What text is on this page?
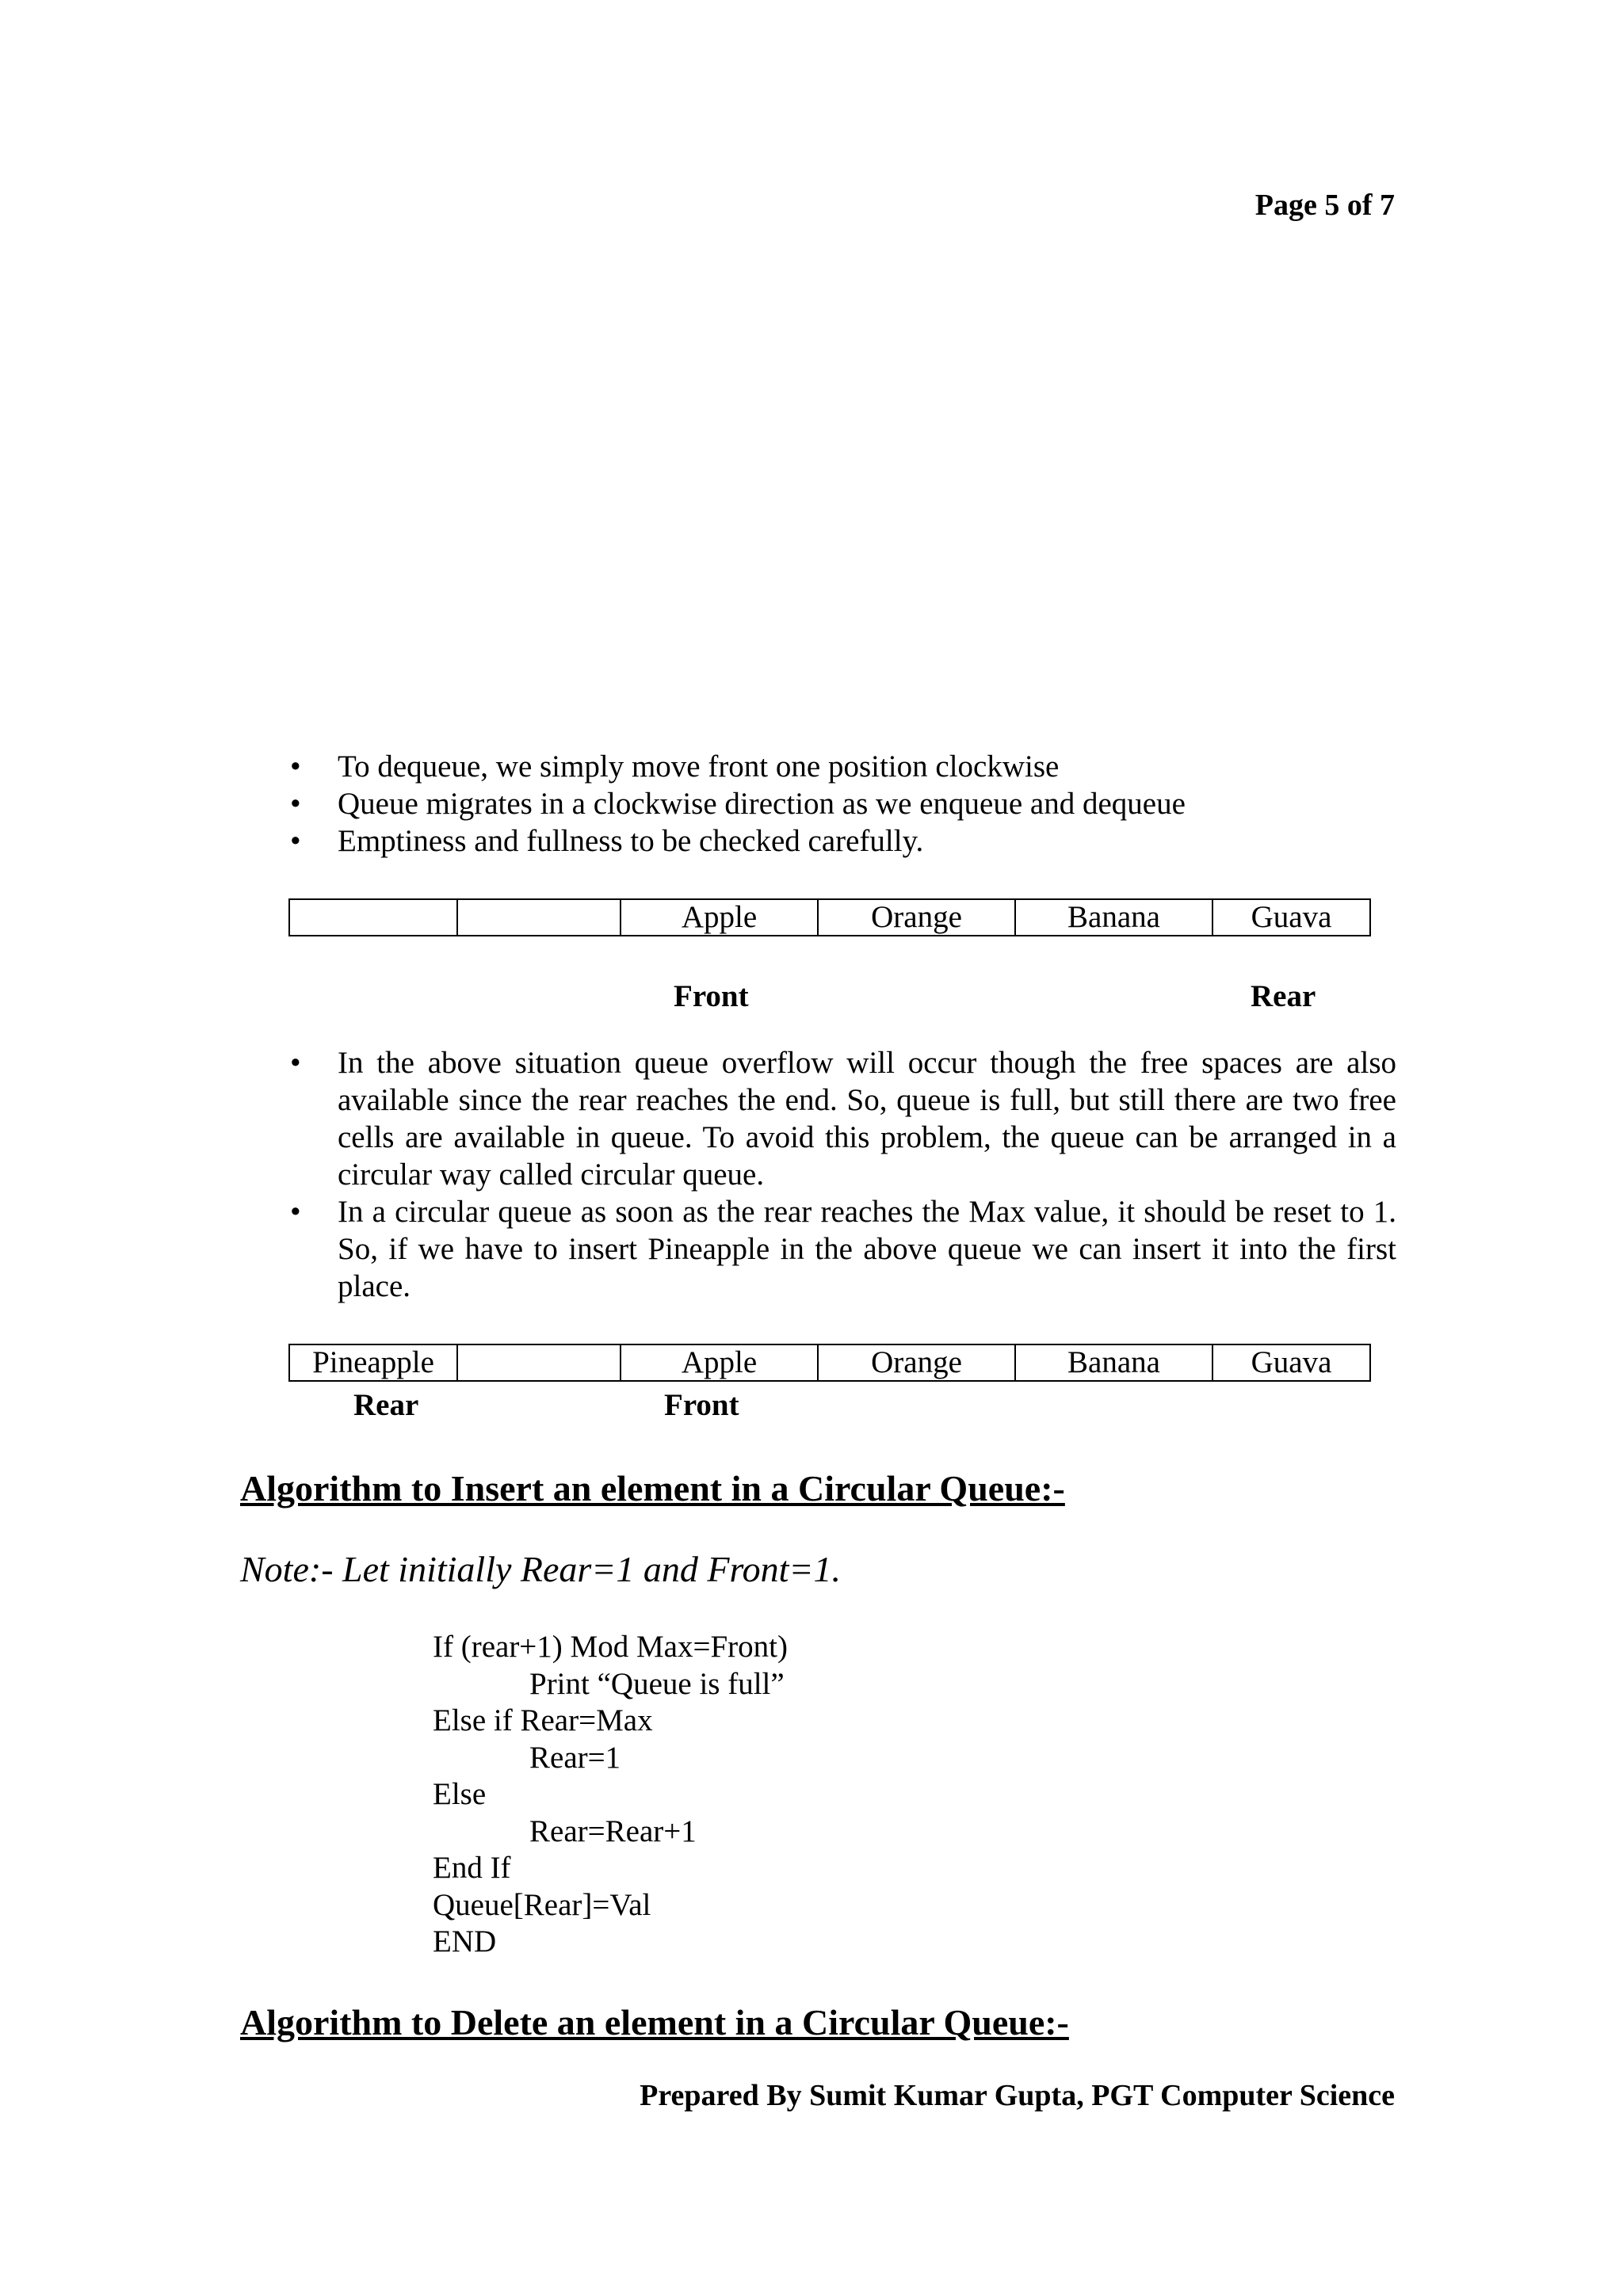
Page 5 of 7
• To dequeue, we simply move front one position clockwise
• Queue migrates in a clockwise direction as we enqueue and dequeue
• Emptiness and fullness to be checked carefully.
		Apple	Orange	Banana	Guava
Front	Rear
• In the above situation queue overflow will occur though the free spaces are also available since the rear reaches the end. So, queue is full, but still there are two free cells are available in queue. To avoid this problem, the queue can be arranged in a circular way called circular queue.

• In a circular queue as soon as the rear reaches the Max value, it should be reset to 1. So, if we have to insert Pineapple in the above queue we can insert it into the first place.

Pineapple		Apple	Orange	Banana	Guava
Rear	Front
Algorithm to Insert an element in a Circular Queue:-
Note:- Let initially Rear=1 and Front=1.
If (rear+1) Mod Max=Front)
Print “Queue is full”
Else if Rear=Max
Rear=1
Else
Rear=Rear+1
End If
Queue[Rear]=Val
END
Algorithm to Delete an element in a Circular Queue:-
Prepared By Sumit Kumar Gupta, PGT Computer Science
